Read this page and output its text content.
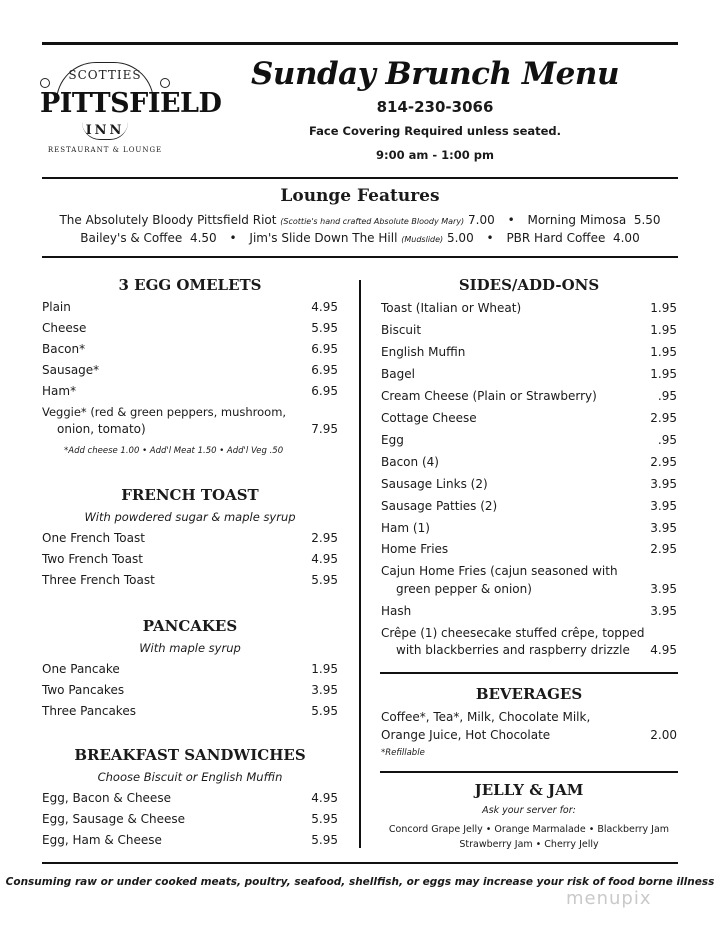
SCOTTIES
PITTSFIELD
INN
RESTAURANT & LOUNGE
Sunday Brunch Menu
814-230-3066
Face Covering Required unless seated.
9:00 am - 1:00 pm
Lounge Features
The Absolutely Bloody Pittsfield Riot (Scottie's hand crafted Absolute Bloody Mary) 7.00 • Morning Mimosa 5.50
Bailey's & Coffee 4.50 • Jim's Slide Down The Hill (Mudslide) 5.00 • PBR Hard Coffee 4.00
3 EGG OMELETS
Plain	4.95
Cheese	5.95
Bacon*	6.95
Sausage*	6.95
Ham*	6.95
Veggie* (red & green peppers, mushroom,
onion, tomato)	7.95
*Add cheese 1.00 • Add'l Meat 1.50 • Add'l Veg .50
FRENCH TOAST
With powdered sugar & maple syrup
One French Toast	2.95
Two French Toast	4.95
Three French Toast	5.95
PANCAKES
With maple syrup
One Pancake	1.95
Two Pancakes	3.95
Three Pancakes	5.95
BREAKFAST SANDWICHES
Choose Biscuit or English Muffin
Egg, Bacon & Cheese	4.95
Egg, Sausage & Cheese	5.95
Egg, Ham & Cheese	5.95
SIDES/ADD-ONS
Toast (Italian or Wheat)	1.95
Biscuit	1.95
English Muffin	1.95
Bagel	1.95
Cream Cheese (Plain or Strawberry)	.95
Cottage Cheese	2.95
Egg	.95
Bacon (4)	2.95
Sausage Links (2)	3.95
Sausage Patties (2)	3.95
Ham (1)	3.95
Home Fries	2.95
Cajun Home Fries (cajun seasoned with
green pepper & onion)	3.95
Hash	3.95
Crêpe (1) cheesecake stuffed crêpe, topped
with blackberries and raspberry drizzle	4.95
BEVERAGES
Coffee*, Tea*, Milk, Chocolate Milk,
Orange Juice, Hot Chocolate	2.00
*Refillable
JELLY & JAM
Ask your server for:
Concord Grape Jelly • Orange Marmalade • Blackberry Jam
Strawberry Jam • Cherry Jelly
Consuming raw or under cooked meats, poultry, seafood, shellfish, or eggs may increase your risk of food borne illness
menupix
